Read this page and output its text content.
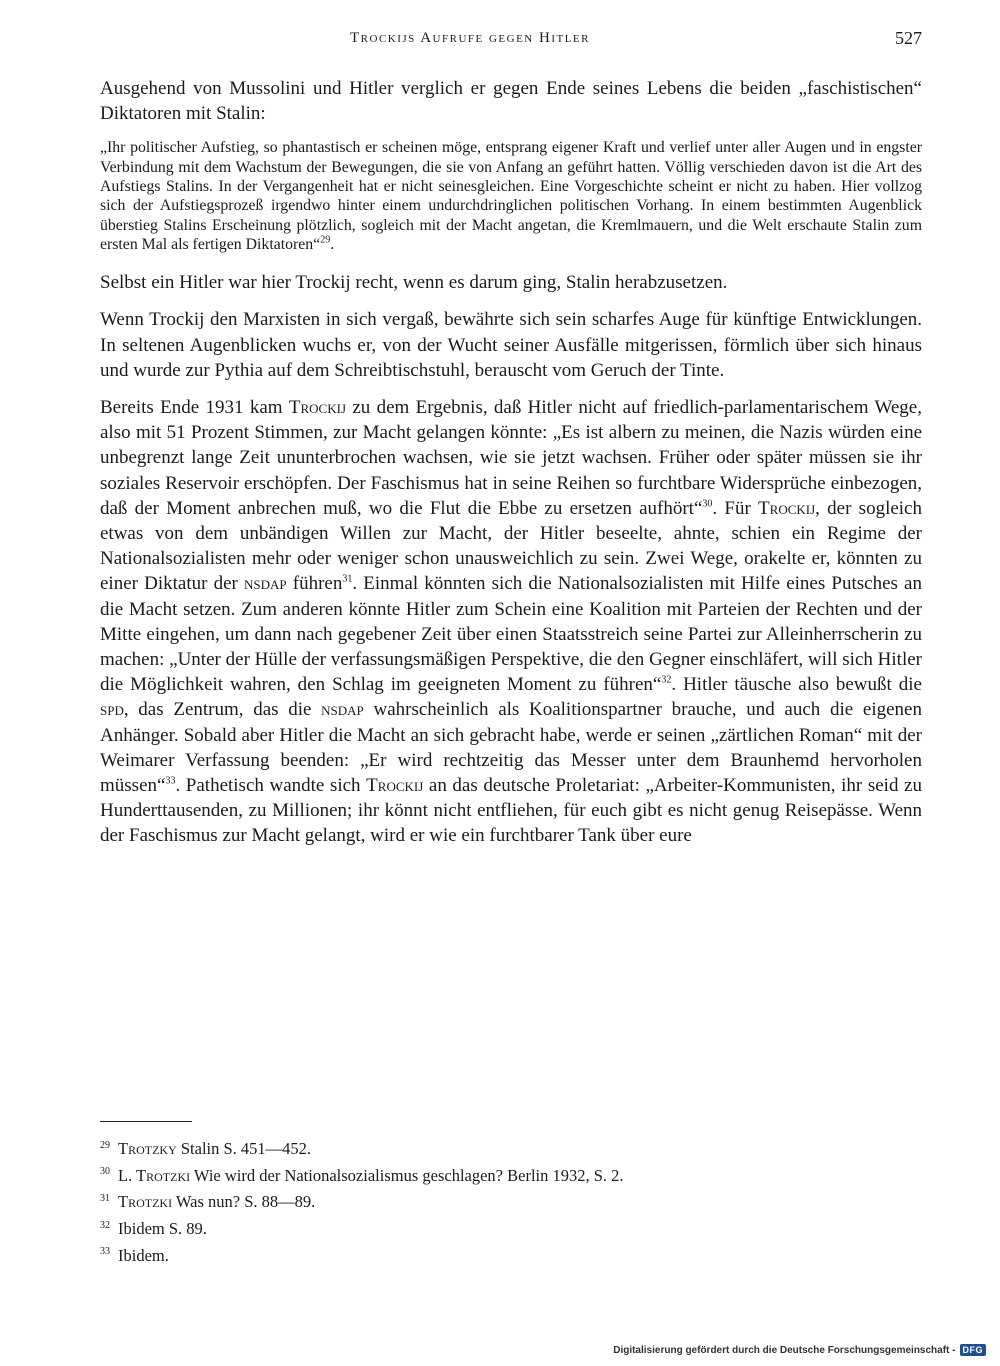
Trockijs Aufrufe gegen Hitler	527

Ausgehend von Mussolini und Hitler verglich er gegen Ende seines Lebens die beiden „faschistischen“ Diktatoren mit Stalin:

„Ihr politischer Aufstieg, so phantastisch er scheinen möge, entsprang eigener Kraft und verlief unter aller Augen und in engster Verbindung mit dem Wachstum der Bewegungen, die sie von Anfang an geführt hatten. Völlig verschieden davon ist die Art des Aufstiegs Stalins. In der Vergangenheit hat er nicht seinesgleichen. Eine Vorgeschichte scheint er nicht zu haben. Hier vollzog sich der Aufstiegsprozeß irgendwo hinter einem undurchdringlichen politischen Vorhang. In einem bestimmten Augenblick überstieg Stalins Erscheinung plötzlich, sogleich mit der Macht angetan, die Kremlmauern, und die Welt erschaute Stalin zum ersten Mal als fertigen Diktatoren“$^{29}$.

Selbst ein Hitler war hier Trockij recht, wenn es darum ging, Stalin herabzusetzen.

Wenn Trockij den Marxisten in sich vergaß, bewährte sich sein scharfes Auge für künftige Entwicklungen. In seltenen Augenblicken wuchs er, von der Wucht seiner Ausfälle mitgerissen, förmlich über sich hinaus und wurde zur Pythia auf dem Schreibtischstuhl, berauscht vom Geruch der Tinte.

Bereits Ende 1931 kam Trockij zu dem Ergebnis, daß Hitler nicht auf friedlich-parlamentarischem Wege, also mit 51 Prozent Stimmen, zur Macht gelangen könnte: „Es ist albern zu meinen, die Nazis würden eine unbegrenzt lange Zeit ununterbrochen wachsen, wie sie jetzt wachsen. Früher oder später müssen sie ihr soziales Reservoir erschöpfen. Der Faschismus hat in seine Reihen so furchtbare Widersprüche einbezogen, daß der Moment anbrechen muß, wo die Flut die Ebbe zu ersetzen aufhört“$^{30}$. Für Trockij, der sogleich etwas von dem unbändigen Willen zur Macht, der Hitler beseelte, ahnte, schien ein Regime der Nationalsozialisten mehr oder weniger schon unausweichlich zu sein. Zwei Wege, orakelte er, könnten zu einer Diktatur der nsdap führen$^{31}$. Einmal könnten sich die Nationalsozialisten mit Hilfe eines Putsches an die Macht setzen. Zum anderen könnte Hitler zum Schein eine Koalition mit Parteien der Rechten und der Mitte eingehen, um dann nach gegebener Zeit über einen Staatsstreich seine Partei zur Alleinherrscherin zu machen: „Unter der Hülle der verfassungsmäßigen Perspektive, die den Gegner einschläfert, will sich Hitler die Möglichkeit wahren, den Schlag im geeigneten Moment zu führen“$^{32}$. Hitler täusche also bewußt die spd, das Zentrum, das die nsdap wahrscheinlich als Koalitionspartner brauche, und auch die eigenen Anhänger. Sobald aber Hitler die Macht an sich gebracht habe, werde er seinen „zärtlichen Roman“ mit der Weimarer Verfassung beenden: „Er wird rechtzeitig das Messer unter dem Braunhemd hervorholen müssen“$^{33}$. Pathetisch wandte sich Trockij an das deutsche Proletariat: „Arbeiter-Kommunisten, ihr seid zu Hunderttausenden, zu Millionen; ihr könnt nicht entfliehen, für euch gibt es nicht genug Reisepässe. Wenn der Faschismus zur Macht gelangt, wird er wie ein furchtbarer Tank über eure

$^{29}$ Trotzky Stalin S. 451—452.
$^{30}$ L. Trotzki Wie wird der Nationalsozialismus geschlagen? Berlin 1932, S. 2.
$^{31}$ Trotzki Was nun? S. 88—89.
$^{32}$ Ibidem S. 89.
$^{33}$ Ibidem.
Digitalisierung gefördert durch die Deutsche Forschungsgemeinschaft - DFG
